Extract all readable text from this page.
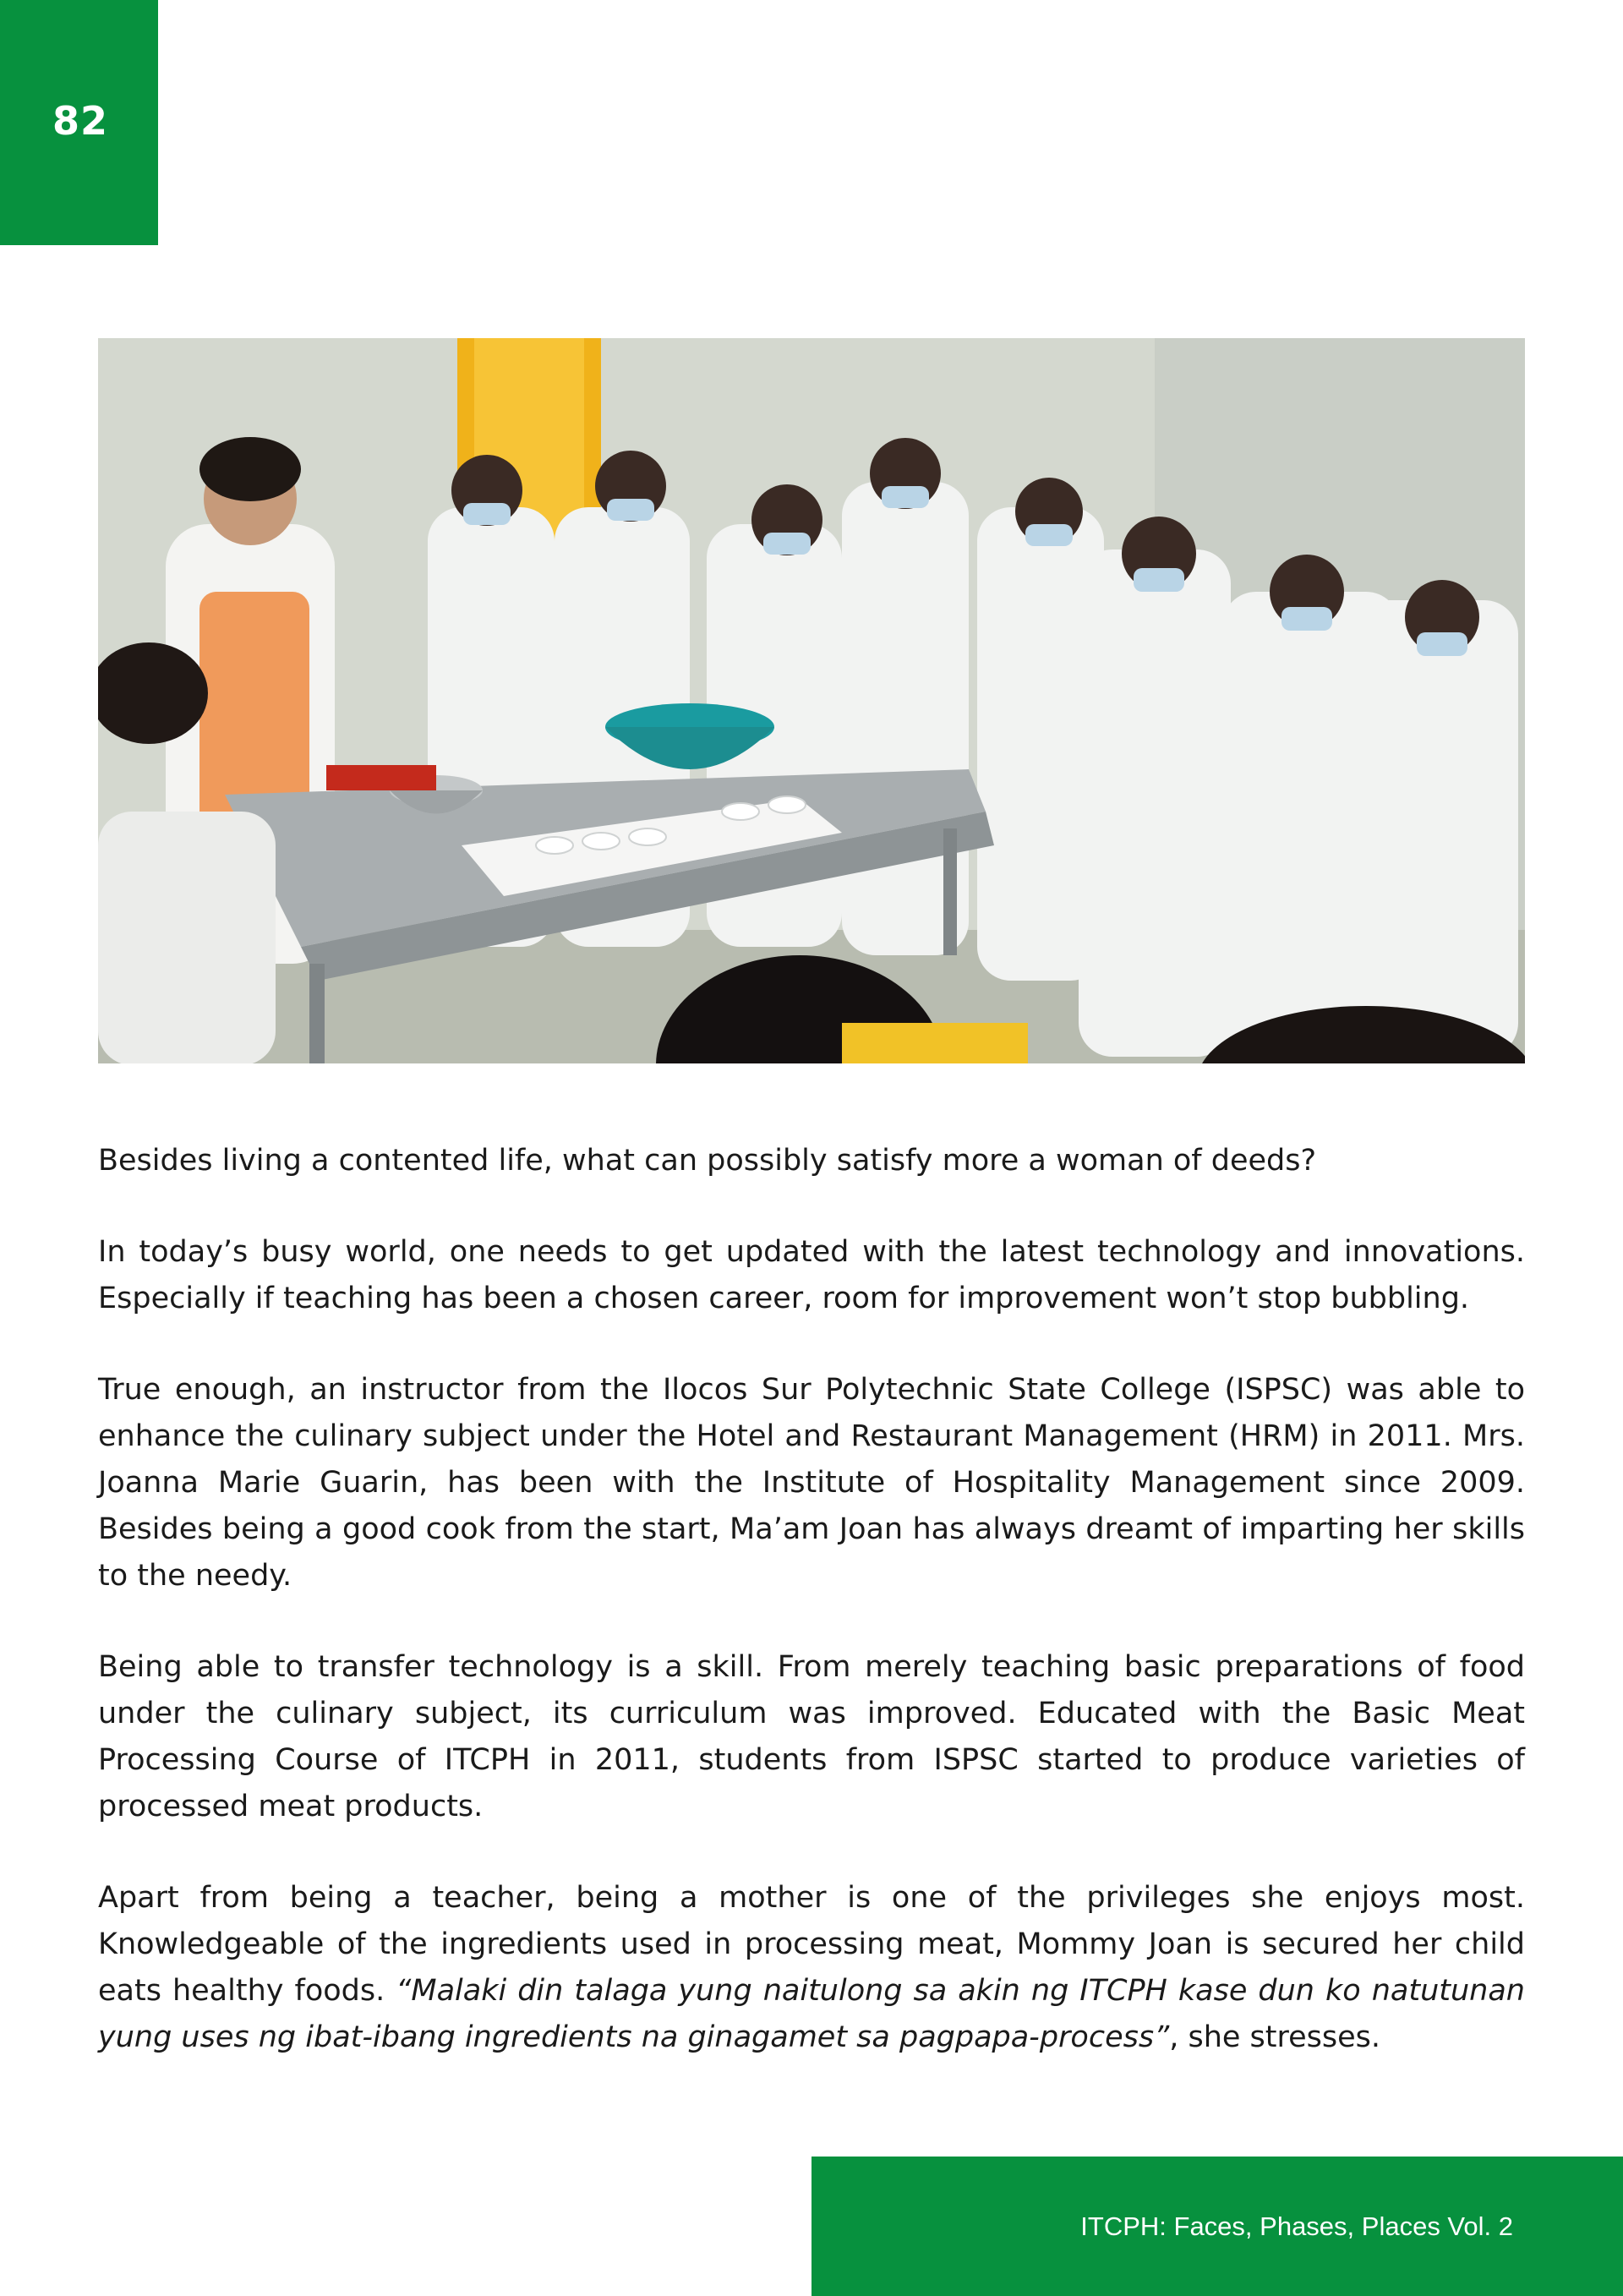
82

Besides living a contented life, what can possibly satisfy more a woman of deeds?

In today’s busy world, one needs to get updated with the latest technology and innovations. Especially if teaching has been a chosen career, room for improvement won’t stop bubbling.

True enough, an instructor from the Ilocos Sur Polytechnic State College (ISPSC) was able to enhance the culinary subject under the Hotel and Restaurant Management (HRM) in 2011. Mrs. Joanna Marie Guarin, has been with the Institute of Hospitality Management since 2009. Besides being a good cook from the start, Ma’am Joan has always dreamt of imparting her skills to the needy.

Being able to transfer technology is a skill. From merely teaching basic preparations of food under the culinary subject, its curriculum was improved. Educated with the Basic Meat Processing Course of ITCPH in 2011, students from ISPSC started to produce varieties of processed meat products.

Apart from being a teacher, being a mother is one of the privileges she enjoys most. Knowledgeable of the ingredients used in processing meat, Mommy Joan is secured her child eats healthy foods. “Malaki din talaga yung naitulong sa akin ng ITCPH kase dun ko natutunan yung uses ng ibat-ibang ingredients na ginagamet sa pagpapa-process”, she stresses.

ITCPH: Faces, Phases, Places Vol. 2
